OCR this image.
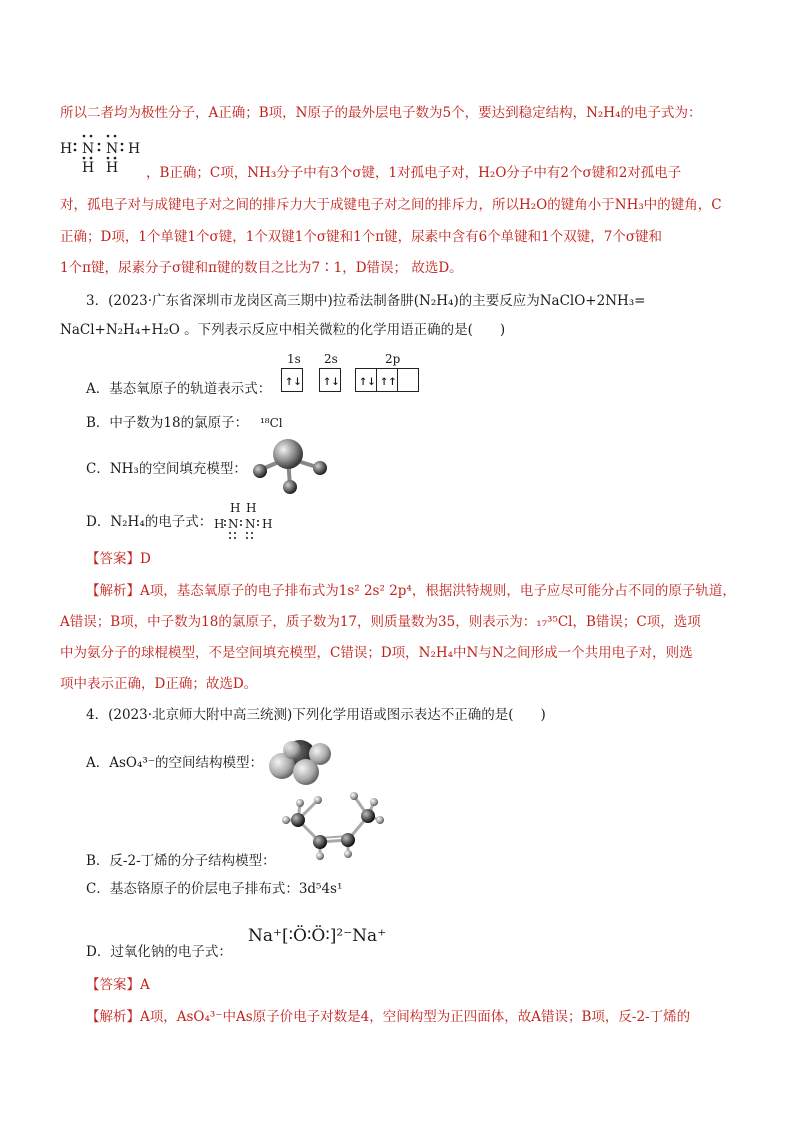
所以二者均为极性分子，A正确；B项，N原子的最外层电子数为5个，要达到稳定结构，N₂H₄的电子式为：
H N N H
H H ，B正确；C项，NH₃分子中有3个σ键，1对孤电子对，H₂O分子中有2个σ键和2对孤电子
对，孤电子对与成键电子对之间的排斥力大于成键电子对之间的排斥力，所以H₂O的键角小于NH₃中的键角，C
正确；D项，1个单键1个σ键，1个双键1个σ键和1个π键，尿素中含有6个单键和1个双键，7个σ键和
1个π键，尿素分子σ键和π键的数目之比为7∶1，D错误； 故选D。
3．(2023·广东省深圳市龙岗区高三期中)拉希法制备肼(N₂H₄)的主要反应为NaClO+2NH₃=
NaCl+N₂H₄+H₂O 。下列表示反应中相关微粒的化学用语正确的是(　　)
1s 2s	2p
A．基态氧原子的轨道表示式： ↑↓ ↑↓ ↑↓ ↑↑
B．中子数为18的氯原子： ¹⁸Cl
C．NH₃的空间填充模型：
D．N₂H₄的电子式：
H H
H N N H
【答案】D
【解析】A项，基态氧原子的电子排布式为1s² 2s² 2p⁴，根据洪特规则，电子应尽可能分占不同的原子轨道，
A错误；B项，中子数为18的氯原子，质子数为17，则质量数为35，则表示为：₁₇³⁵Cl，B错误；C项，选项
中为氨分子的球棍模型，不是空间填充模型，C错误；D项，N₂H₄中N与N之间形成一个共用电子对，则选
项中表示正确，D正确；故选D。
4．(2023·北京师大附中高三统测)下列化学用语或图示表达不正确的是(　　)
A．AsO₄³⁻的空间结构模型：
B．反-2-丁烯的分子结构模型：
C．基态铬原子的价层电子排布式：3d⁵4s¹
D．过氧化钠的电子式：
Na⁺[∶Ö∶Ö∶]²⁻Na⁺
【答案】A
【解析】A项，AsO₄³⁻中As原子价电子对数是4，空间构型为正四面体，故A错误；B项，反-2-丁烯的
